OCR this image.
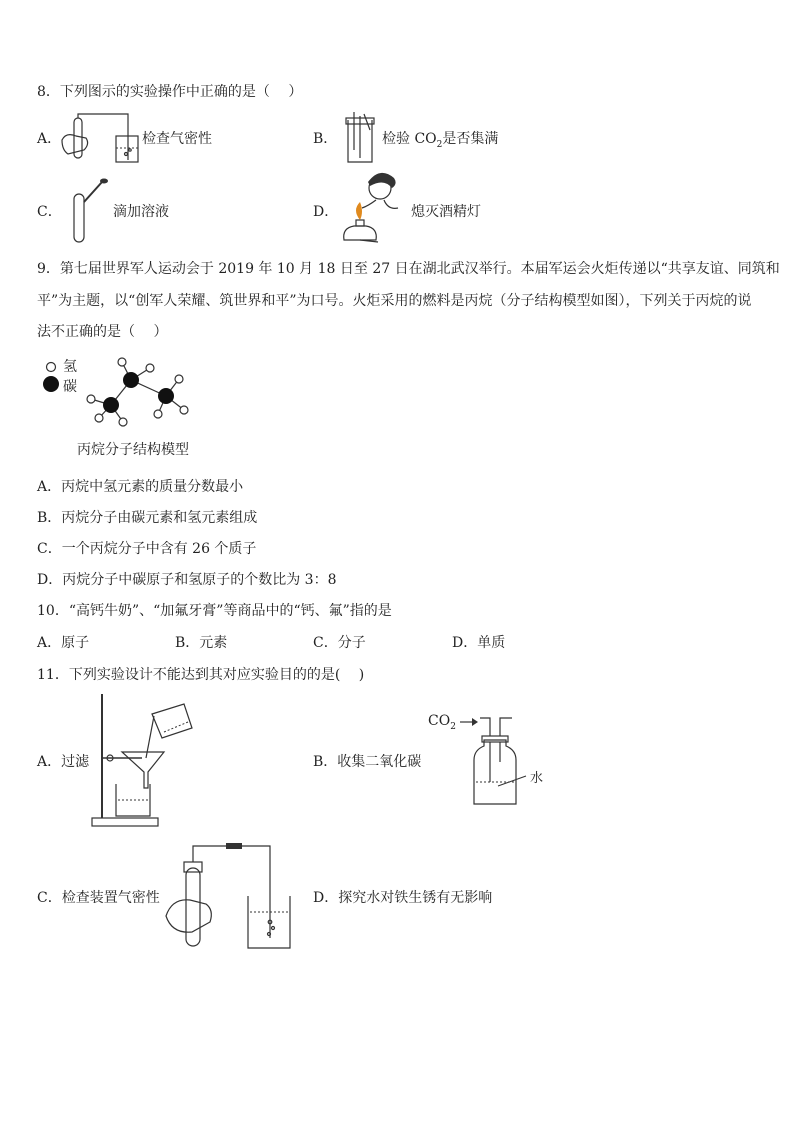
8．下列图示的实验操作中正确的是（　 ）
A．	检查气密性	B．	检验 $CO_2$是否集满
C．	滴加溶液	D．	熄灭酒精灯
9．第七届世界军人运动会于 2019 年 10 月 18 日至 27 日在湖北武汉举行。本届军运会火炬传递以“共享友谊、同筑和
平”为主题，以“创军人荣耀、筑世界和平”为口号。火炬采用的燃料是丙烷（分子结构模型如图），下列关于丙烷的说
法不正确的是（　 ）
氢
碳
丙烷分子结构模型
A．丙烷中氢元素的质量分数最小
B．丙烷分子由碳元素和氢元素组成
C．一个丙烷分子中含有 26 个质子
D．丙烷分子中碳原子和氢原子的个数比为 3：8
10．“高钙牛奶”、“加氟牙膏”等商品中的“钙、氟”指的是
A．原子	B．元素	C．分子	D．单质
11．下列实验设计不能达到其对应实验目的的是(　 )
A．过滤	B．收集二氧化碳
$CO_2$
水
C．检查装置气密性	D．探究水对铁生锈有无影响
